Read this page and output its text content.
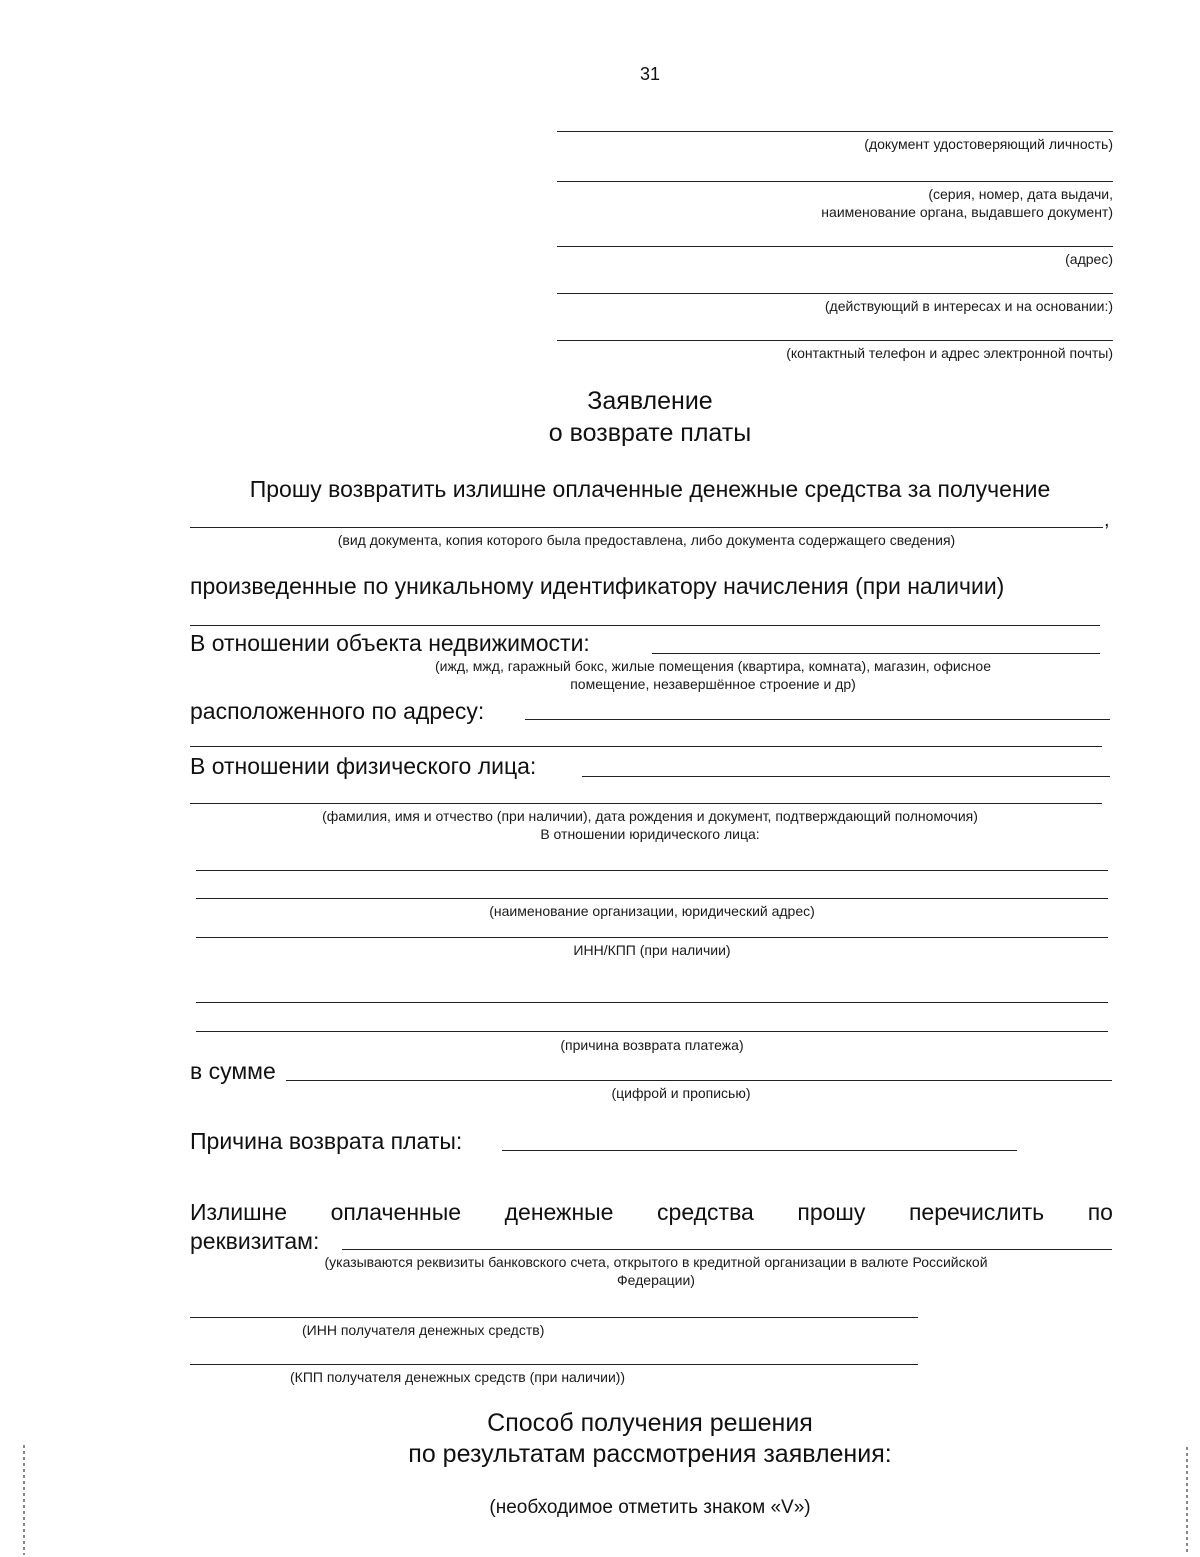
31
(документ удостоверяющий личность)
(серия, номер, дата выдачи,
наименование органа, выдавшего документ)
(адрес)
(действующий в интересах и на основании:)
(контактный телефон и адрес электронной почты)
Заявление
о возврате платы
Прошу возвратить излишне оплаченные денежные средства за получение
,
(вид документа, копия которого была предоставлена, либо документа содержащего сведения)
произведенные по уникальному идентификатору начисления (при наличии)
В отношении объекта недвижимости:
(ижд, мжд, гаражный бокс, жилые помещения (квартира, комната), магазин, офисное
помещение, незавершённое строение и др)
расположенного по адресу:
В отношении физического лица:
(фамилия, имя и отчество (при наличии), дата рождения и документ, подтверждающий полномочия)
В отношении юридического лица:
(наименование организации, юридический адрес)
ИНН/КПП (при наличии)
(причина возврата платежа)
в сумме
(цифрой и прописью)
Причина возврата платы:
Излишне оплаченные денежные средства прошу перечислить по
реквизитам:
(указываются реквизиты банковского счета, открытого в кредитной организации в валюте Российской
Федерации)
(ИНН получателя денежных средств)
(КПП получателя денежных средств (при наличии))
Способ получения решения
по результатам рассмотрения заявления:
(необходимое отметить знаком «V»)
